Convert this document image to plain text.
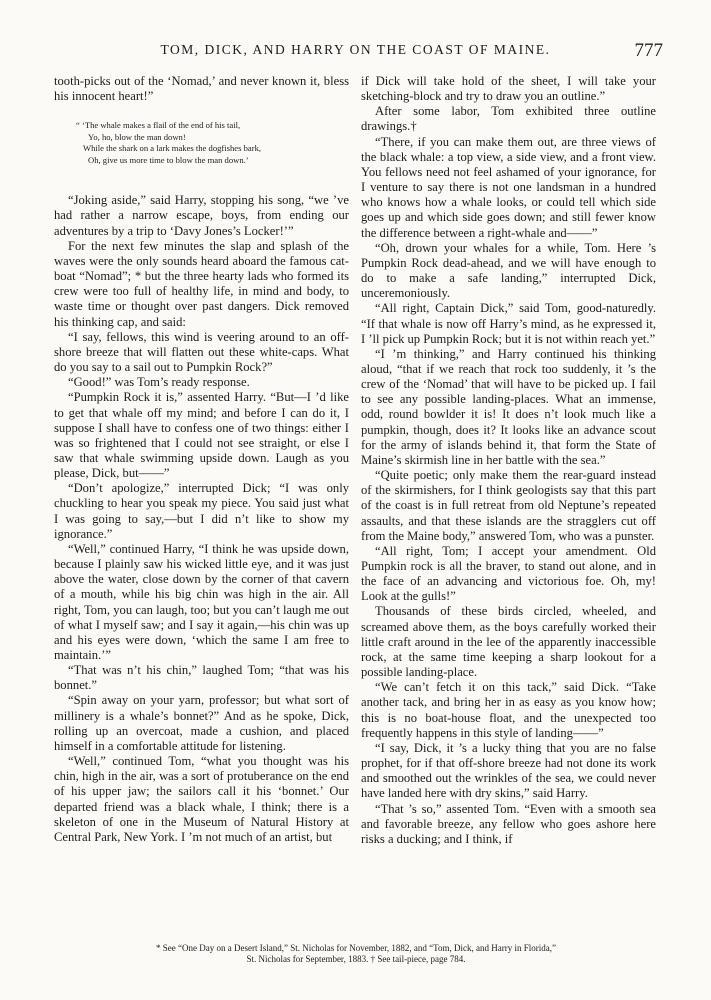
TOM, DICK, AND HARRY ON THE COAST OF MAINE.	777

tooth-picks out of the ‘Nomad,’ and never known it, bless his innocent heart!”

“ ‘The whale makes a flail of the end of his tail,
Yo, ho, blow the man down!
While the shark on a lark makes the dogfishes bark,
Oh, give us more time to blow the man down.’

“Joking aside,” said Harry, stopping his song, “we ’ve had rather a narrow escape, boys, from ending our adventures by a trip to ‘Davy Jones’s Locker!’”

For the next few minutes the slap and splash of the waves were the only sounds heard aboard the famous cat-boat “Nomad”; * but the three hearty lads who formed its crew were too full of healthy life, in mind and body, to waste time or thought over past dangers. Dick removed his thinking cap, and said:

“I say, fellows, this wind is veering around to an off-shore breeze that will flatten out these white-caps. What do you say to a sail out to Pumpkin Rock?”

“Good!” was Tom’s ready response.

“Pumpkin Rock it is,” assented Harry. “But—I ’d like to get that whale off my mind; and before I can do it, I suppose I shall have to confess one of two things: either I was so frightened that I could not see straight, or else I saw that whale swimming upside down. Laugh as you please, Dick, but——”

“Don’t apologize,” interrupted Dick; “I was only chuckling to hear you speak my piece. You said just what I was going to say,—but I did n’t like to show my ignorance.”

“Well,” continued Harry, “I think he was upside down, because I plainly saw his wicked little eye, and it was just above the water, close down by the corner of that cavern of a mouth, while his big chin was high in the air. All right, Tom, you can laugh, too; but you can’t laugh me out of what I myself saw; and I say it again,—his chin was up and his eyes were down, ‘which the same I am free to maintain.’”

“That was n’t his chin,” laughed Tom; “that was his bonnet.”

“Spin away on your yarn, professor; but what sort of millinery is a whale’s bonnet?” And as he spoke, Dick, rolling up an overcoat, made a cushion, and placed himself in a comfortable attitude for listening.

“Well,” continued Tom, “what you thought was his chin, high in the air, was a sort of protuberance on the end of his upper jaw; the sailors call it his ‘bonnet.’ Our departed friend was a black whale, I think; there is a skeleton of one in the Museum of Natural History at Central Park, New York. I ’m not much of an artist, but

if Dick will take hold of the sheet, I will take your sketching-block and try to draw you an outline.”

After some labor, Tom exhibited three outline drawings.†

“There, if you can make them out, are three views of the black whale: a top view, a side view, and a front view. You fellows need not feel ashamed of your ignorance, for I venture to say there is not one landsman in a hundred who knows how a whale looks, or could tell which side goes up and which side goes down; and still fewer know the difference between a right-whale and——”

“Oh, drown your whales for a while, Tom. Here ’s Pumpkin Rock dead-ahead, and we will have enough to do to make a safe landing,” interrupted Dick, unceremoniously.

“All right, Captain Dick,” said Tom, good-naturedly. “If that whale is now off Harry’s mind, as he expressed it, I ’ll pick up Pumpkin Rock; but it is not within reach yet.”

“I ’m thinking,” and Harry continued his thinking aloud, “that if we reach that rock too suddenly, it ’s the crew of the ‘Nomad’ that will have to be picked up. I fail to see any possible landing-places. What an immense, odd, round bowlder it is! It does n’t look much like a pumpkin, though, does it? It looks like an advance scout for the army of islands behind it, that form the State of Maine’s skirmish line in her battle with the sea.”

“Quite poetic; only make them the rear-guard instead of the skirmishers, for I think geologists say that this part of the coast is in full retreat from old Neptune’s repeated assaults, and that these islands are the stragglers cut off from the Maine body,” answered Tom, who was a punster.

“All right, Tom; I accept your amendment. Old Pumpkin rock is all the braver, to stand out alone, and in the face of an advancing and victorious foe. Oh, my! Look at the gulls!”

Thousands of these birds circled, wheeled, and screamed above them, as the boys carefully worked their little craft around in the lee of the apparently inaccessible rock, at the same time keeping a sharp lookout for a possible landing-place.

“We can’t fetch it on this tack,” said Dick. “Take another tack, and bring her in as easy as you know how; this is no boat-house float, and the unexpected too frequently happens in this style of landing——”

“I say, Dick, it ’s a lucky thing that you are no false prophet, for if that off-shore breeze had not done its work and smoothed out the wrinkles of the sea, we could never have landed here with dry skins,” said Harry.

“That ’s so,” assented Tom. “Even with a smooth sea and favorable breeze, any fellow who goes ashore here risks a ducking; and I think, if

* See “One Day on a Desert Island,” St. Nicholas for November, 1882, and “Tom, Dick, and Harry in Florida,”
St. Nicholas for September, 1883. † See tail-piece, page 784.
